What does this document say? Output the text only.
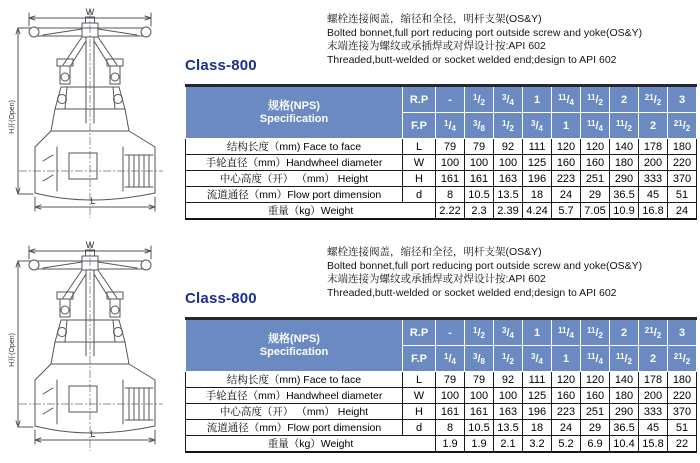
W
L
H开(Open)
Class-800
螺栓连接阀盖，缩径和全径，明杆支架(OS&Y)
Bolted bonnet,full port reducing port outside screw and yoke(OS&Y)
末端连接为螺纹或承插焊或对焊设计按:API 602
Threaded,butt-welded or socket welded end;design to API 602
规格(NPS)
Specification	R.P	-	$^1/_2$	$^3/_4$	1	$^{11}/_4$	$^{11}/_2$	2	$^{21}/_2$	3
	F.P	$^1/_4$	$^3/_8$	$^1/_2$	$^3/_4$	1	$^{11}/_4$	$^{11}/_2$	2	$^{21}/_2$
结构长度（mm) Face to face	L	79	79	92	111	120	120	140	178	180
手轮直径（mm）Handwheel diameter	W	100	100	100	125	160	160	180	200	220
中心高度（开） （mm） Height	H	161	161	163	196	223	251	290	333	370
流道通径（mm）Flow port dimension	d	8	10.5	13.5	18	24	29	36.5	45	51
重量（kg）Weight		2.22	2.3	2.39	4.24	5.7	7.05	10.9	16.8	24
W
L
H开(Open)
Class-800
螺栓连接阀盖，缩径和全径，明杆支架(OS&Y)
Bolted bonnet,full port reducing port outside screw and yoke(OS&Y)
末端连接为螺纹或承插焊或对焊设计按:API 602
Threaded,butt-welded or socket welded end;design to API 602
规格(NPS)
Specification	R.P	-	$^1/_2$	$^3/_4$	1	$^{11}/_4$	$^{11}/_2$	2	$^{21}/_2$	3
	F.P	$^1/_4$	$^3/_8$	$^1/_2$	$^3/_4$	1	$^{11}/_4$	$^{11}/_2$	2	$^{21}/_2$
结构长度（mm) Face to face	L	79	79	92	111	120	120	140	178	180
手轮直径（mm）Handwheel diameter	W	100	100	100	125	160	160	180	200	220
中心高度（开） （mm） Height	H	161	161	163	196	223	251	290	333	370
流道通径（mm）Flow port dimension	d	8	10.5	13.5	18	24	29	36.5	45	51
重量（kg）Weight		1.9	1.9	2.1	3.2	5.2	6.9	10.4	15.8	22
